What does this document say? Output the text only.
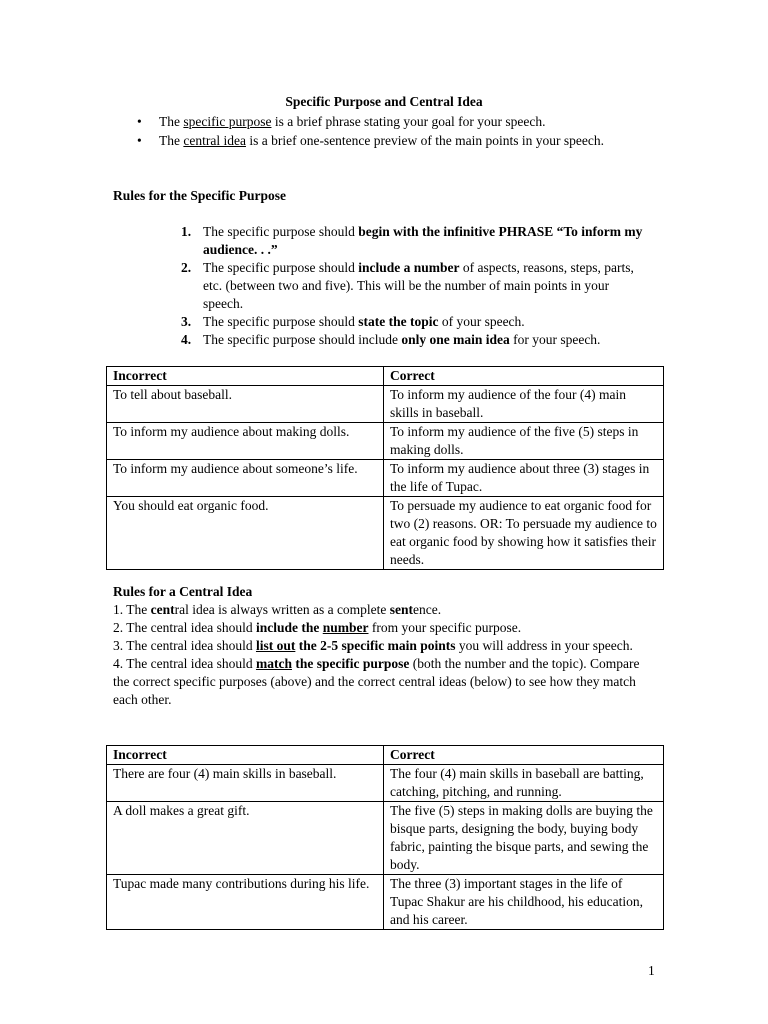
Specific Purpose and Central Idea
• The specific purpose is a brief phrase stating your goal for your speech.
• The central idea is a brief one-sentence preview of the main points in your speech.
Rules for the Specific Purpose
1. The specific purpose should begin with the infinitive PHRASE “To inform my audience. . .”
2. The specific purpose should include a number of aspects, reasons, steps, parts, etc. (between two and five). This will be the number of main points in your speech.
3. The specific purpose should state the topic of your speech.
4. The specific purpose should include only one main idea for your speech.
Incorrect	Correct
To tell about baseball.	To inform my audience of the four (4) main skills in baseball.
To inform my audience about making dolls.	To inform my audience of the five (5) steps in making dolls.
To inform my audience about someone’s life.	To inform my audience about three (3) stages in the life of Tupac.
You should eat organic food.	To persuade my audience to eat organic food for two (2) reasons. OR: To persuade my audience to eat organic food by showing how it satisfies their needs.
Rules for a Central Idea

1. The central idea is always written as a complete sentence.

2. The central idea should include the number from your specific purpose.

3. The central idea should list out the 2-5 specific main points you will address in your speech.

4. The central idea should match the specific purpose (both the number and the topic). Compare the correct specific purposes (above) and the correct central ideas (below) to see how they match each other.

Incorrect	Correct
There are four (4) main skills in baseball.	The four (4) main skills in baseball are batting, catching, pitching, and running.
A doll makes a great gift.	The five (5) steps in making dolls are buying the bisque parts, designing the body, buying body fabric, painting the bisque parts, and sewing the body.
Tupac made many contributions during his life.	The three (3) important stages in the life of Tupac Shakur are his childhood, his education, and his career.
1
